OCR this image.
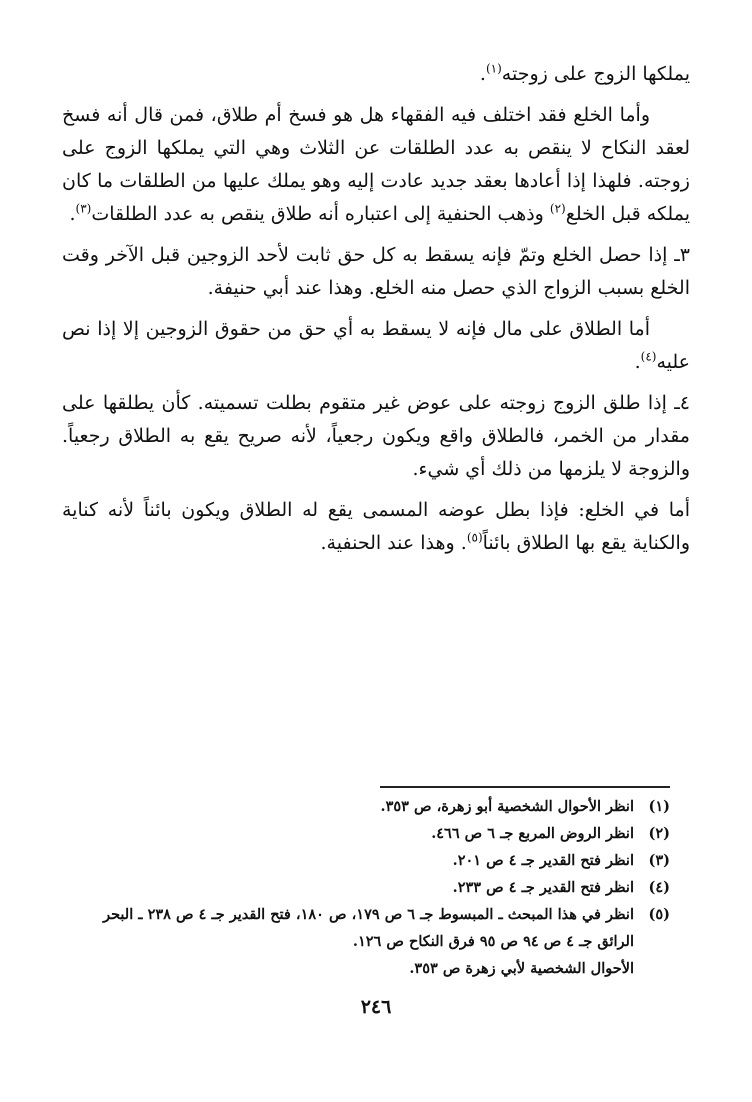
يملكها الزوج على زوجته$^{(١)}$.

وأما الخلع فقد اختلف فيه الفقهاء هل هو فسخ أم طلاق، فمن قال أنه فسخ لعقد النكاح لا ينقص به عدد الطلقات عن الثلاث وهي التي يملكها الزوج على زوجته. فلهذا إذا أعادها بعقد جديد عادت إليه وهو يملك عليها من الطلقات ما كان يملكه قبل الخلع$^{(٢)}$ وذهب الحنفية إلى اعتباره أنه طلاق ينقص به عدد الطلقات$^{(٣)}$.

٣ـ إذا حصل الخلع وتمّ فإنه يسقط به كل حق ثابت لأحد الزوجين قبل الآخر وقت الخلع بسبب الزواج الذي حصل منه الخلع. وهذا عند أبي حنيفة.

أما الطلاق على مال فإنه لا يسقط به أي حق من حقوق الزوجين إلا إذا نص عليه$^{(٤)}$.

٤ـ إذا طلق الزوج زوجته على عوض غير متقوم بطلت تسميته. كأن يطلقها على مقدار من الخمر، فالطلاق واقع ويكون رجعياً، لأنه صريح يقع به الطلاق رجعياً. والزوجة لا يلزمها من ذلك أي شيء.

أما في الخلع: فإذا بطل عوضه المسمى يقع له الطلاق ويكون بائناً لأنه كناية والكناية يقع بها الطلاق بائناً$^{(٥)}$. وهذا عند الحنفية.

(١)
انظر الأحوال الشخصية أبو زهرة، ص ٣٥٣.
(٢)
انظر الروض المربع جـ ٦ ص ٤٦٦.
(٣)
انظر فتح القدير جـ ٤ ص ٢٠١.
(٤)
انظر فتح القدير جـ ٤ ص ٢٣٣.
(٥)
انظر في هذا المبحث ـ المبسوط جـ ٦ ص ١٧٩، ص ١٨٠، فتح القدير جـ ٤ ص ٢٣٨ ـ البحر الرائق جـ ٤ ص ٩٤ ص ٩٥ فرق النكاح ص ١٢٦.
الأحوال الشخصية لأبي زهرة ص ٣٥٣.
٢٤٦
